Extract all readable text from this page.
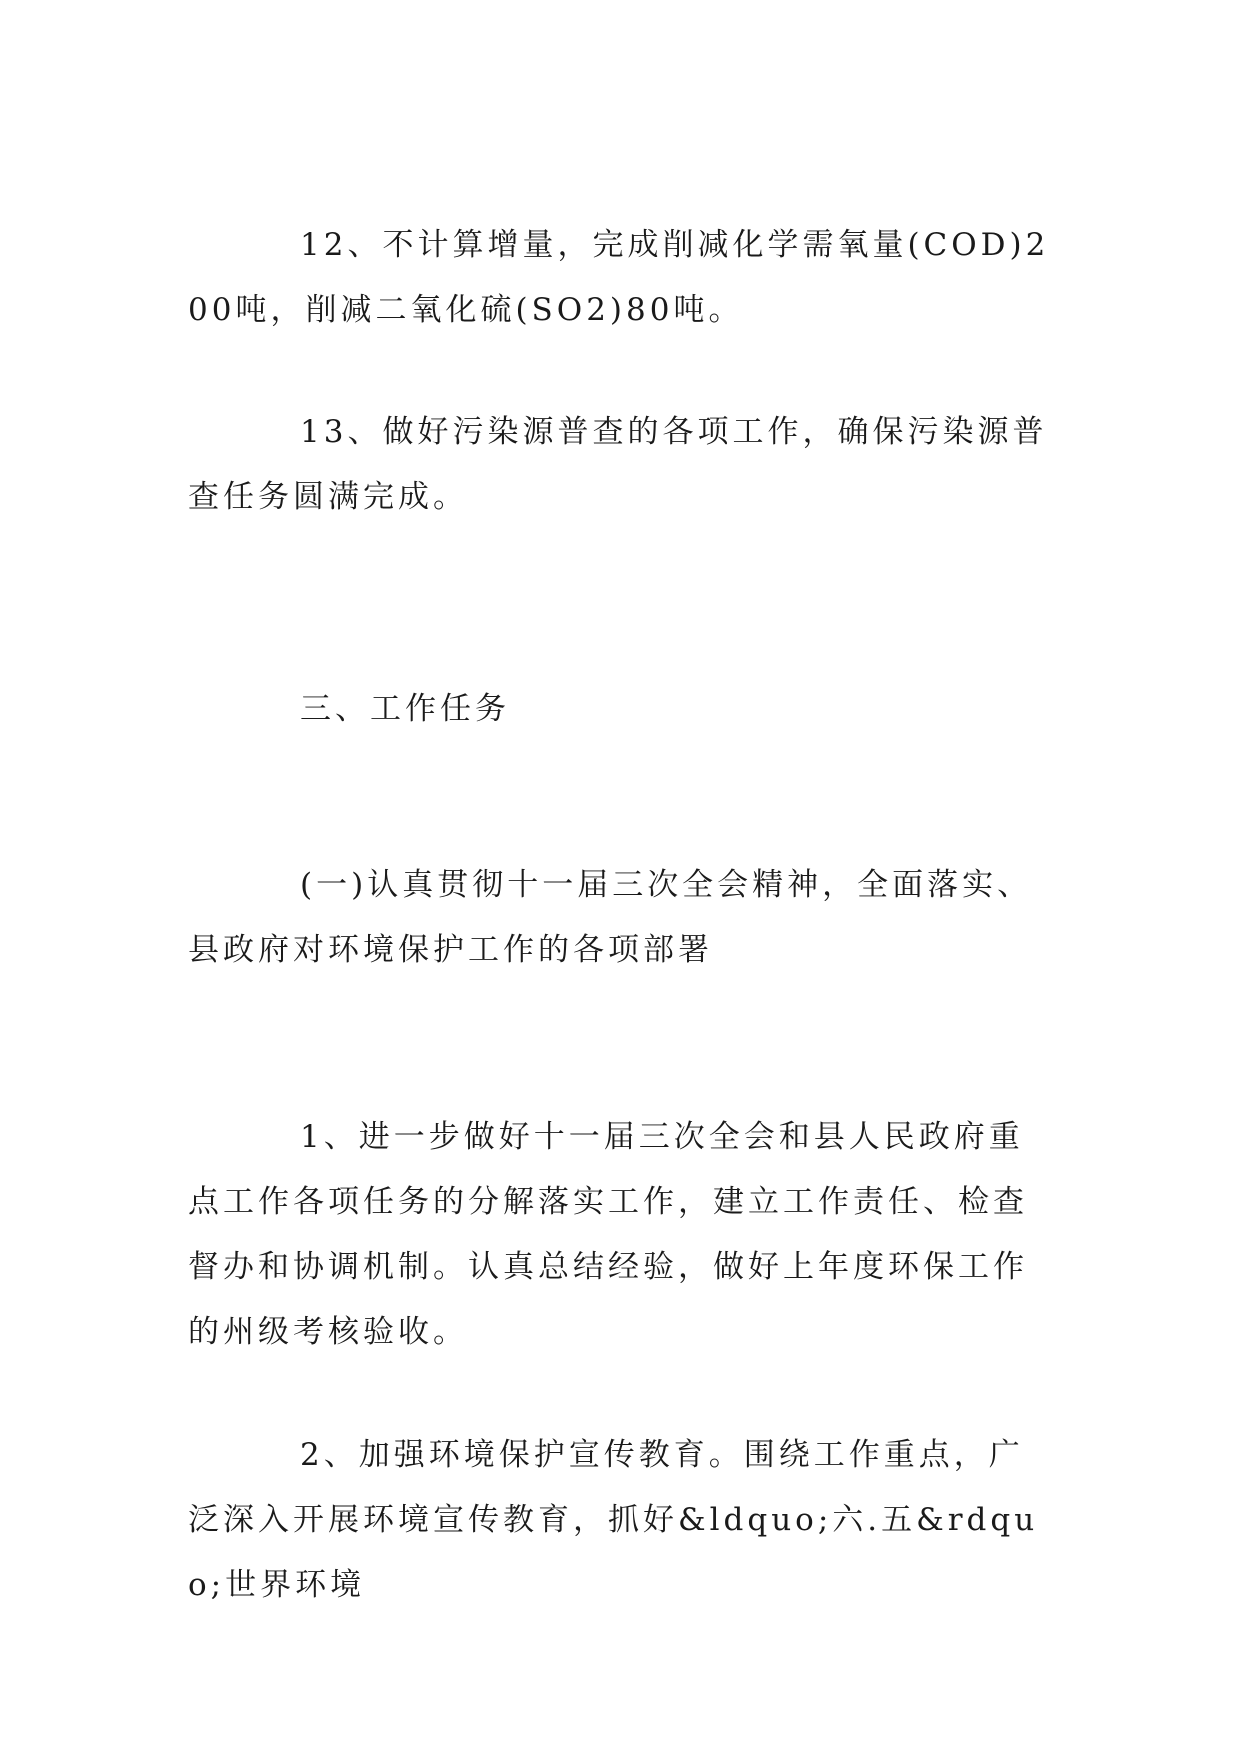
12、不计算增量，完成削减化学需氧量(COD)200吨，削减二氧化硫(SO2)80吨。

13、做好污染源普查的各项工作，确保污染源普查任务圆满完成。

三、工作任务

(一)认真贯彻十一届三次全会精神，全面落实、县政府对环境保护工作的各项部署

1、进一步做好十一届三次全会和县人民政府重点工作各项任务的分解落实工作，建立工作责任、检查督办和协调机制。认真总结经验，做好上年度环保工作的州级考核验收。

2、加强环境保护宣传教育。围绕工作重点，广泛深入开展环境宣传教育，抓好&ldquo;六.五&rdquo;世界环境
